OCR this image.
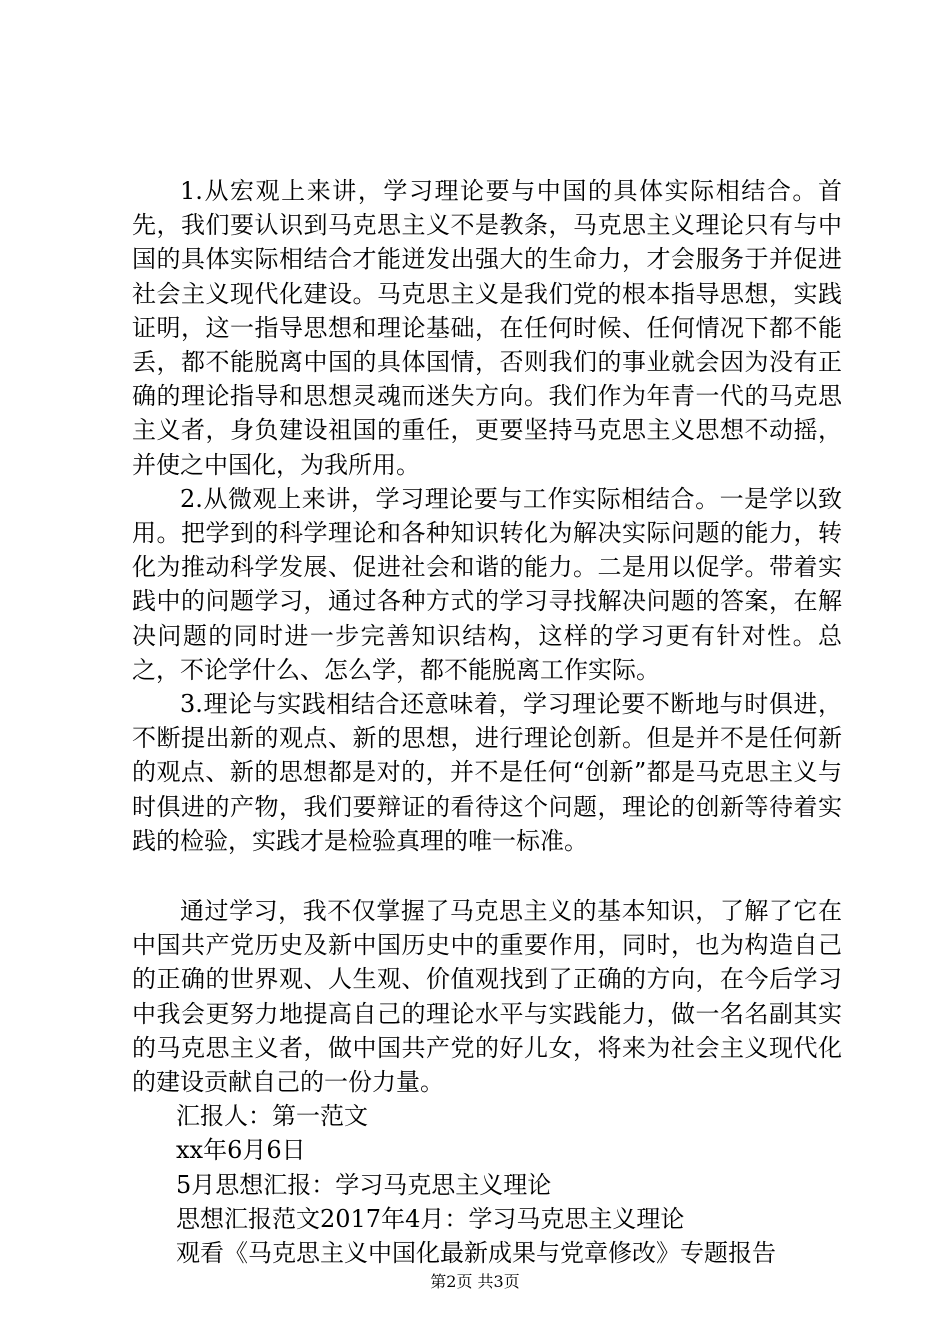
1.从宏观上来讲，学习理论要与中国的具体实际相结合。首先，我们要认识到马克思主义不是教条，马克思主义理论只有与中国的具体实际相结合才能迸发出强大的生命力，才会服务于并促进社会主义现代化建设。马克思主义是我们党的根本指导思想，实践证明，这一指导思想和理论基础，在任何时候、任何情况下都不能丢，都不能脱离中国的具体国情，否则我们的事业就会因为没有正确的理论指导和思想灵魂而迷失方向。我们作为年青一代的马克思主义者，身负建设祖国的重任，更要坚持马克思主义思想不动摇，并使之中国化，为我所用。

2.从微观上来讲，学习理论要与工作实际相结合。一是学以致用。把学到的科学理论和各种知识转化为解决实际问题的能力，转化为推动科学发展、促进社会和谐的能力。二是用以促学。带着实践中的问题学习，通过各种方式的学习寻找解决问题的答案，在解决问题的同时进一步完善知识结构，这样的学习更有针对性。总之，不论学什么、怎么学，都不能脱离工作实际。

3.理论与实践相结合还意味着，学习理论要不断地与时俱进，不断提出新的观点、新的思想，进行理论创新。但是并不是任何新的观点、新的思想都是对的，并不是任何“创新”都是马克思主义与时俱进的产物，我们要辩证的看待这个问题，理论的创新等待着实践的检验，实践才是检验真理的唯一标准。

通过学习，我不仅掌握了马克思主义的基本知识，了解了它在中国共产党历史及新中国历史中的重要作用，同时，也为构造自己的正确的世界观、人生观、价值观找到了正确的方向，在今后学习中我会更努力地提高自己的理论水平与实践能力，做一名名副其实的马克思主义者，做中国共产党的好儿女，将来为社会主义现代化的建设贡献自己的一份力量。

汇报人：第一范文

xx年6月6日

5月思想汇报：学习马克思主义理论

思想汇报范文2017年4月：学习马克思主义理论

观看《马克思主义中国化最新成果与党章修改》专题报告

第2页 共3页
